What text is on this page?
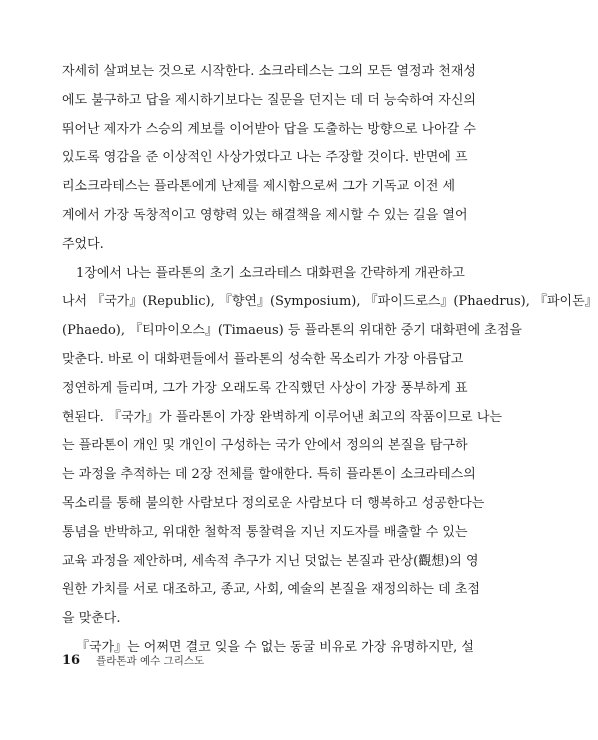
자세히 살펴보는 것으로 시작한다. 소크라테스는 그의 모든 열정과 천재성
에도 불구하고 답을 제시하기보다는 질문을 던지는 데 더 능숙하여 자신의
뛰어난 제자가 스승의 계보를 이어받아 답을 도출하는 방향으로 나아갈 수
있도록 영감을 준 이상적인 사상가였다고 나는 주장할 것이다. 반면에 프
리소크라테스는 플라톤에게 난제를 제시함으로써 그가 기독교 이전 세
계에서 가장 독창적이고 영향력 있는 해결책을 제시할 수 있는 길을 열어
주었다.

1장에서 나는 플라톤의 초기 소크라테스 대화편을 간략하게 개관하고
나서 『국가』(Republic), 『향연』(Symposium), 『파이드로스』(Phaedrus), 『파이돈』
(Phaedo), 『티마이오스』(Timaeus) 등 플라톤의 위대한 중기 대화편에 초점을
맞춘다. 바로 이 대화편들에서 플라톤의 성숙한 목소리가 가장 아름답고
정연하게 들리며, 그가 가장 오래도록 간직했던 사상이 가장 풍부하게 표
현된다. 『국가』가 플라톤이 가장 완벽하게 이루어낸 최고의 작품이므로 나는
는 플라톤이 개인 및 개인이 구성하는 국가 안에서 정의의 본질을 탐구하
는 과정을 추적하는 데 2장 전체를 할애한다. 특히 플라톤이 소크라테스의
목소리를 통해 불의한 사람보다 정의로운 사람보다 더 행복하고 성공한다는
통념을 반박하고, 위대한 철학적 통찰력을 지닌 지도자를 배출할 수 있는
교육 과정을 제안하며, 세속적 추구가 지닌 덧없는 본질과 관상(觀想)의 영
원한 가치를 서로 대조하고, 종교, 사회, 예술의 본질을 재정의하는 데 초점
을 맞춘다.

『국가』는 어쩌면 결코 잊을 수 없는 동굴 비유로 가장 유명하지만, 설

16 플라톤과 예수 그리스도
